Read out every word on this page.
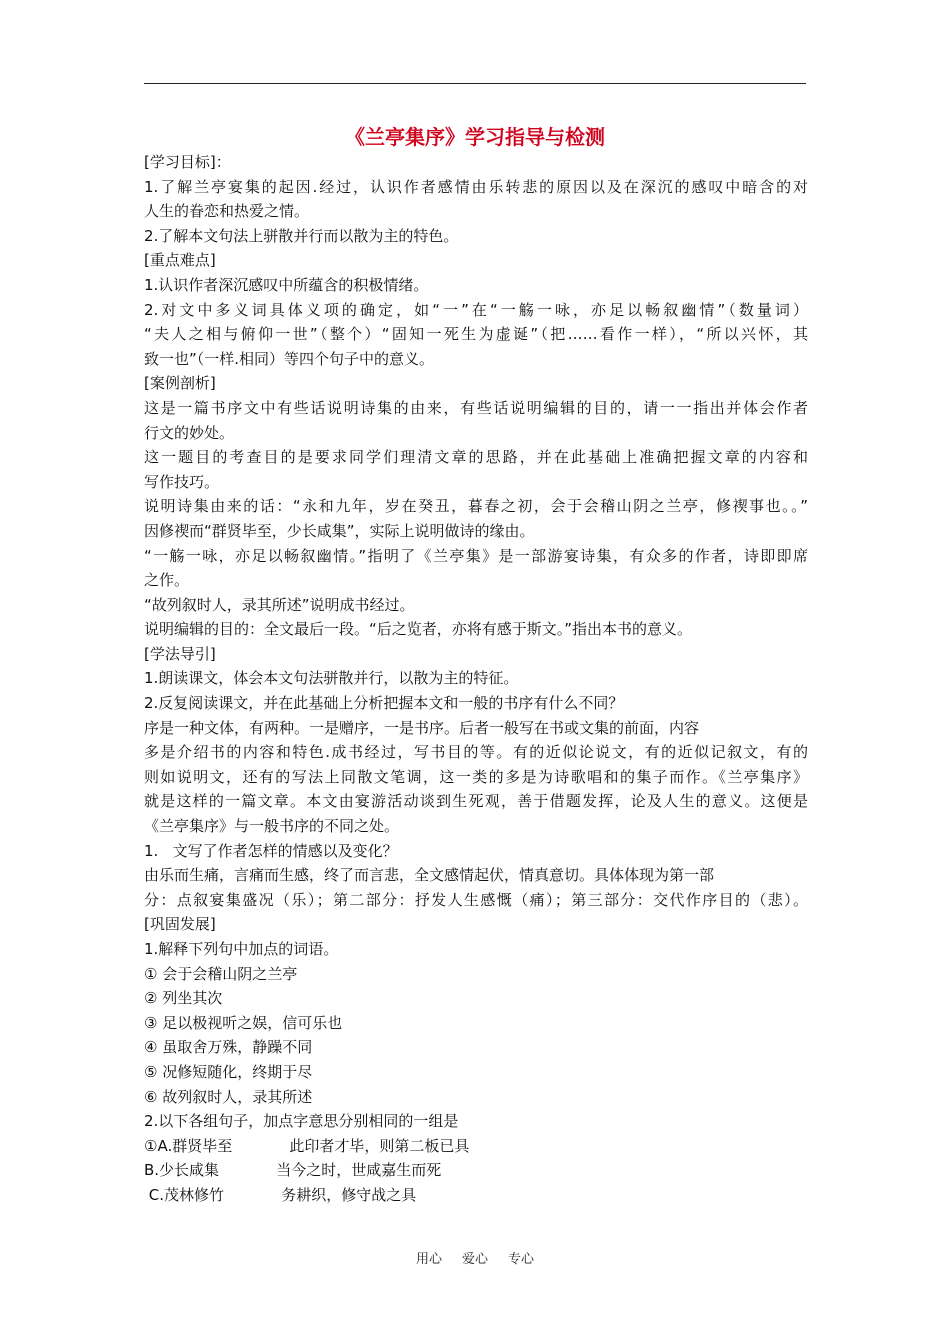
《兰亭集序》学习指导与检测
[学习目标]：
1.了解兰亭宴集的起因.经过，认识作者感情由乐转悲的原因以及在深沉的感叹中暗含的对
人生的眷恋和热爱之情。
2.了解本文句法上骈散并行而以散为主的特色。
[重点难点]
1.认识作者深沉感叹中所蕴含的积极情绪。
2.对文中多义词具体义项的确定，如“一”在“一觞一咏，亦足以畅叙幽情”（数量词）
“夫人之相与俯仰一世”（整个）“固知一死生为虚诞”（把……看作一样），“所以兴怀，其
致一也”（一样.相同）等四个句子中的意义。
[案例剖析]
这是一篇书序文中有些话说明诗集的由来，有些话说明编辑的目的，请一一指出并体会作者
行文的妙处。
这一题目的考查目的是要求同学们理清文章的思路，并在此基础上准确把握文章的内容和
写作技巧。
说明诗集由来的话：“永和九年，岁在癸丑，暮春之初，会于会稽山阴之兰亭，修禊事也。。”
因修禊而“群贤毕至，少长咸集”，实际上说明做诗的缘由。
“一觞一咏，亦足以畅叙幽情。”指明了《兰亭集》是一部游宴诗集，有众多的作者，诗即即席
之作。
“故列叙时人，录其所述”说明成书经过。
说明编辑的目的：全文最后一段。“后之览者，亦将有感于斯文。”指出本书的意义。
[学法导引]
1.朗读课文，体会本文句法骈散并行，以散为主的特征。
2.反复阅读课文，并在此基础上分析把握本文和一般的书序有什么不同？
序是一种文体，有两种。一是赠序，一是书序。后者一般写在书或文集的前面，内容
多是介绍书的内容和特色.成书经过，写书目的等。有的近似论说文，有的近似记叙文，有的
则如说明文，还有的写法上同散文笔调，这一类的多是为诗歌唱和的集子而作。《兰亭集序》
就是这样的一篇文章。本文由宴游活动谈到生死观，善于借题发挥，论及人生的意义。这便是
《兰亭集序》与一般书序的不同之处。
1.   文写了作者怎样的情感以及变化？
由乐而生痛，言痛而生感，终了而言悲，全文感情起伏，情真意切。具体体现为第一部
分：点叙宴集盛况（乐）；第二部分：抒发人生感慨（痛）；第三部分：交代作序目的（悲）。
[巩固发展]
1.解释下列句中加点的词语。
① 会于会稽山阴之兰亭
② 列坐其次
③ 足以极视听之娱，信可乐也
④ 虽取舍万殊，静躁不同
⑤ 况修短随化，终期于尽
⑥ 故列叙时人，录其所述
2.以下各组句子，加点字意思分别相同的一组是
①A.群贤毕至            此印者才毕，则第二板已具
B.少长咸集            当今之时，世咸嘉生而死
C.茂林修竹            务耕织，修守战之具
用心 爱心 专心
